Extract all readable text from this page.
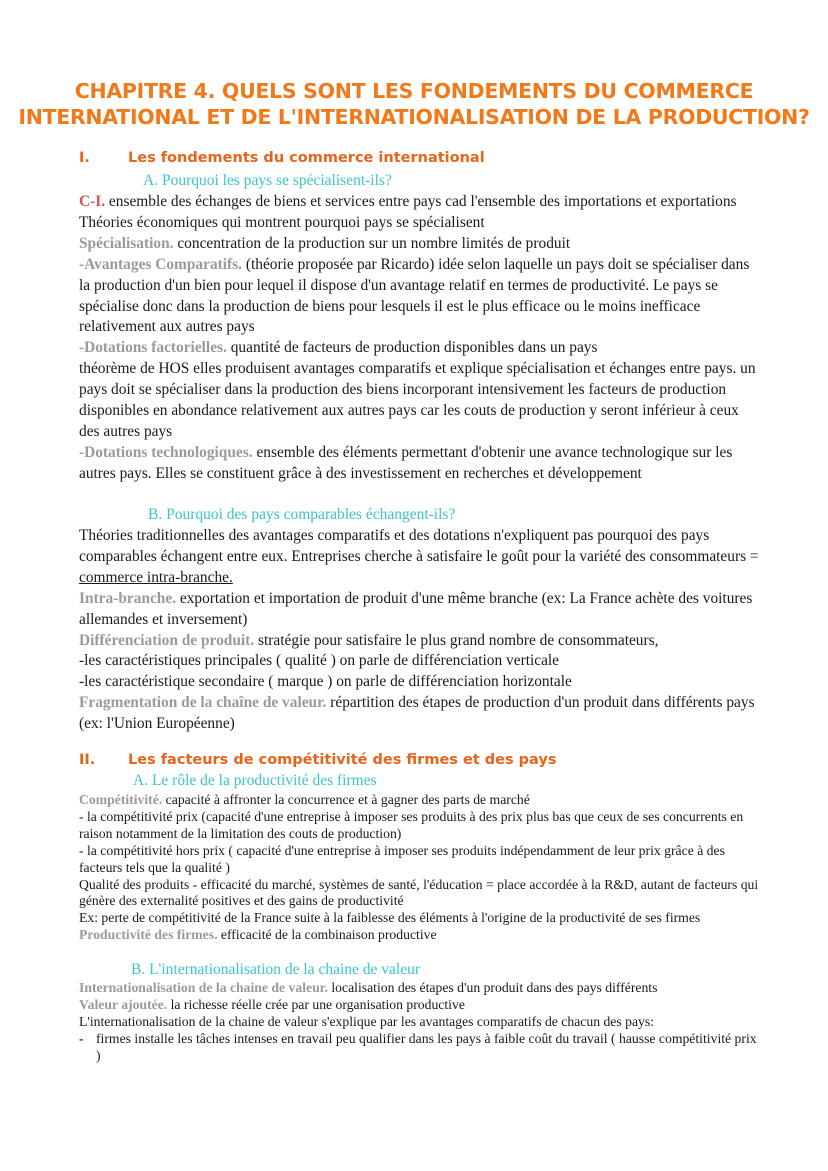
CHAPITRE 4. QUELS SONT LES FONDEMENTS DU COMMERCE
INTERNATIONAL ET DE L'INTERNATIONALISATION DE LA PRODUCTION?
I.	Les fondements du commerce international
A. Pourquoi les pays se spécialisent-ils?

C-I. ensemble des échanges de biens et services entre pays cad l'ensemble des importations et exportations

Théories économiques qui montrent pourquoi pays se spécialisent

Spécialisation. concentration de la production sur un nombre limités de produit

-Avantages Comparatifs. (théorie proposée par Ricardo) idée selon laquelle un pays doit se spécialiser dans la production d'un bien pour lequel il dispose d'un avantage relatif en termes de productivité. Le pays se spécialise donc dans la production de biens pour lesquels il est le plus efficace ou le moins inefficace relativement aux autres pays

-Dotations factorielles. quantité de facteurs de production disponibles dans un pays

théorème de HOS elles produisent avantages comparatifs et explique spécialisation et échanges entre pays. un pays doit se spécialiser dans la production des biens incorporant intensivement les facteurs de production disponibles en abondance relativement aux autres pays car les couts de production y seront inférieur à ceux des autres pays

-Dotations technologiques. ensemble des éléments permettant d'obtenir une avance technologique sur les autres pays. Elles se constituent grâce à des investissement en recherches et développement

B. Pourquoi des pays comparables échangent-ils?

Théories traditionnelles des avantages comparatifs et des dotations n'expliquent pas pourquoi des pays comparables échangent entre eux. Entreprises cherche à satisfaire le goût pour la variété des consommateurs = commerce intra-branche.

Intra-branche. exportation et importation de produit d'une même branche (ex: La France achète des voitures allemandes et inversement)

Différenciation de produit. stratégie pour satisfaire le plus grand nombre de consommateurs,

-les caractéristiques principales ( qualité ) on parle de différenciation verticale

-les caractéristique secondaire ( marque ) on parle de différenciation horizontale

Fragmentation de la chaîne de valeur. répartition des étapes de production d'un produit dans différents pays (ex: l'Union Européenne)

II. Les facteurs de compétitivité des firmes et des pays
A. Le rôle de la productivité des firmes

Compétitivité. capacité à affronter la concurrence et à gagner des parts de marché

- la compétitivité prix (capacité d'une entreprise à imposer ses produits à des prix plus bas que ceux de ses concurrents en raison notamment de la limitation des couts de production)

- la compétitivité hors prix ( capacité d'une entreprise à imposer ses produits indépendamment de leur prix grâce à des facteurs tels que la qualité )

Qualité des produits - efficacité du marché, systèmes de santé, l'éducation = place accordée à la R&D, autant de facteurs qui génère des externalité positives et des gains de productivité

Ex: perte de compétitivité de la France suite à la faiblesse des éléments à l'origine de la productivité de ses firmes

Productivité des firmes. efficacité de la combinaison productive

B. L'internationalisation de la chaine de valeur

Internationalisation de la chaine de valeur. localisation des étapes d'un produit dans des pays différents

Valeur ajoutée. la richesse réelle crée par une organisation productive

L'internationalisation de la chaine de valeur s'explique par les avantages comparatifs de chacun des pays:

- firmes installe les tâches intenses en travail peu qualifier dans les pays à faible coût du travail ( hausse compétitivité prix )
